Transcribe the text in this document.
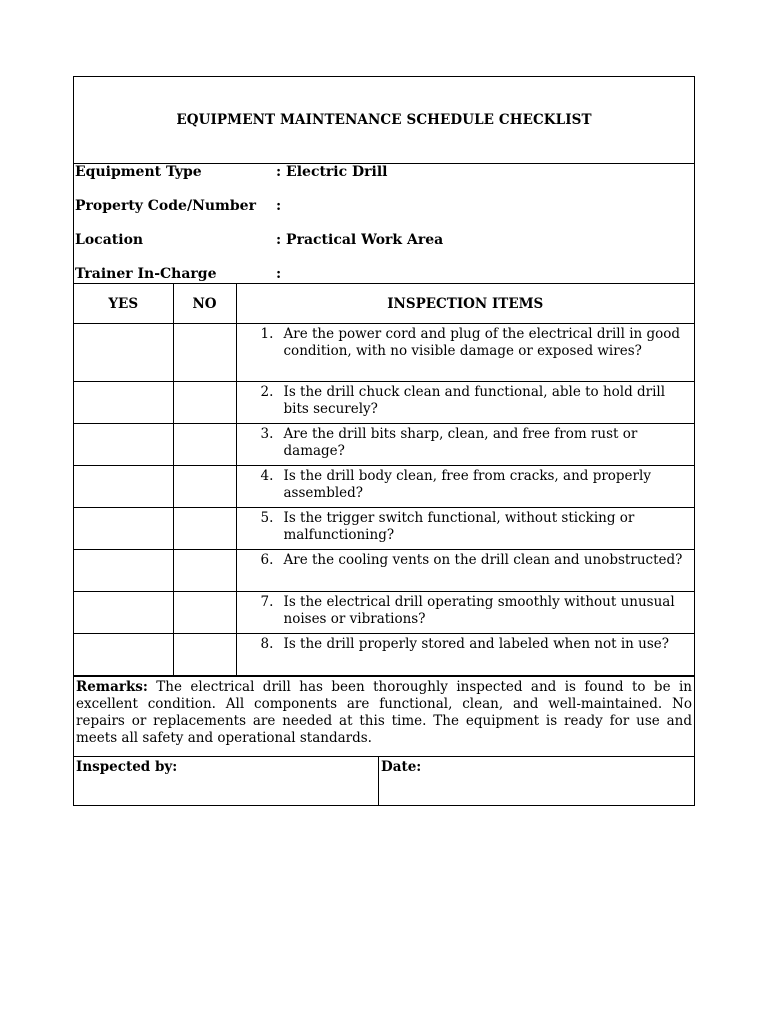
EQUIPMENT MAINTENANCE SCHEDULE CHECKLIST
Equipment Type	: Electric Drill
Property Code/Number	:
Location	: Practical Work Area
Trainer In-Charge	:
YES	NO	INSPECTION ITEMS

		1. Are the power cord and plug of the electrical drill in good condition, with no visible damage or exposed wires?

		2. Is the drill chuck clean and functional, able to hold drill bits securely?

		3. Are the drill bits sharp, clean, and free from rust or damage?

		4. Is the drill body clean, free from cracks, and properly assembled?

		5. Is the trigger switch functional, without sticking or malfunctioning?

		6. Are the cooling vents on the drill clean and unobstructed?

		7. Is the electrical drill operating smoothly without unusual noises or vibrations?

		8. Is the drill properly stored and labeled when not in use?
Remarks: The electrical drill has been thoroughly inspected and is found to be in excellent condition. All components are functional, clean, and well-maintained. No repairs or replacements are needed at this time. The equipment is ready for use and meets all safety and operational standards.
Inspected by:	Date:
